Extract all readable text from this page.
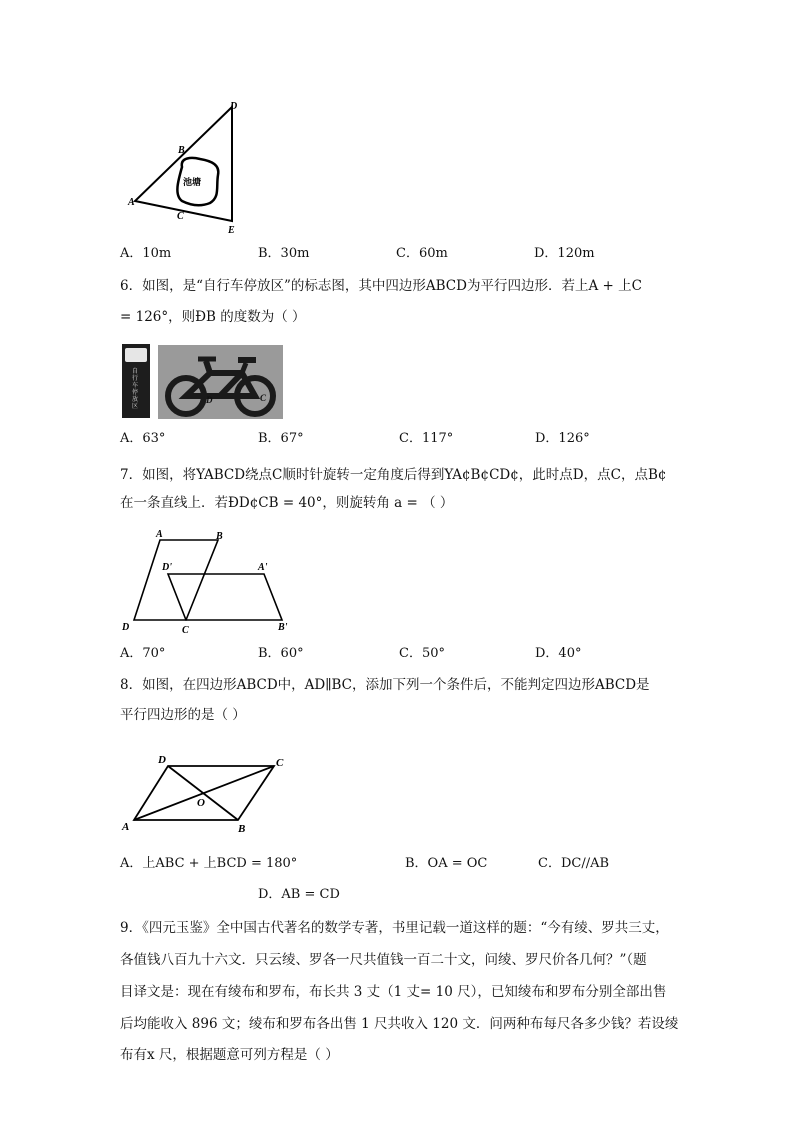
池塘
D
B
A
C
E
A．10m	B．30m	C．60m	D．120m
6．如图，是“自行车停放区”的标志图，其中四边形ABCD为平行四边形．若上A + 上C
= 126°，则ÐB 的度数为（ ）
自行车停放区
D	C
A．63°	B．67°	C．117°	D．126°
7．如图，将YABCD绕点C顺时针旋转一定角度后得到YA¢B¢CD¢，此时点D，点C，点B¢
在一条直线上．若ÐD¢CB = 40°，则旋转角 a = （ ）
A	B
D'	A'
D	C	B'
A．70°	B．60°	C．50°	D．40°
8．如图，在四边形ABCD中，AD∥BC，添加下列一个条件后，不能判定四边形ABCD是
平行四边形的是（ ）
D	C
O
A	B
A．上ABC + 上BCD = 180°	B．OA = OC	C．DC//AB
D．AB = CD
9．《四元玉鉴》全中国古代著名的数学专著，书里记载一道这样的题：“今有绫、罗共三丈，
各值钱八百九十六文．只云绫、罗各一尺共值钱一百二十文，问绫、罗尺价各几何？”（题
目译文是：现在有绫布和罗布，布长共 3 丈（1 丈= 10 尺），已知绫布和罗布分别全部出售
后均能收入 896 文；绫布和罗布各出售 1 尺共收入 120 文．问两种布每尺各多少钱？若设绫
布有x 尺，根据题意可列方程是（ ）
